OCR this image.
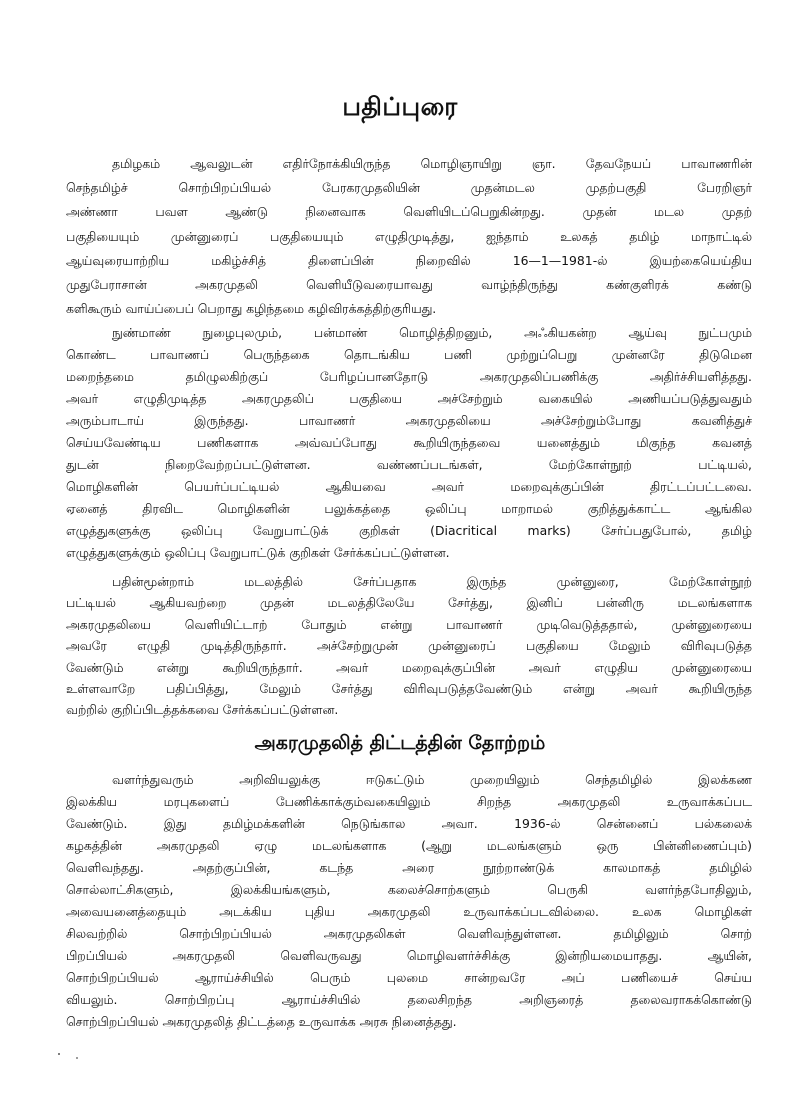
பதிப்புரை
தமிழகம் ஆவலுடன் எதிர்நோக்கியிருந்த மொழிஞாயிறு ஞா. தேவநேயப் பாவாணரின்
செந்தமிழ்ச் சொற்பிறப்பியல் பேரகரமுதலியின் முதன்மடல முதற்பகுதி பேரறிஞர்
அண்ணா பவள ஆண்டு நினைவாக வெளியிடப்பெறுகின்றது. முதன் மடல முதற்
பகுதியையும் முன்னுரைப் பகுதியையும் எழுதிமுடித்து, ஐந்தாம் உலகத் தமிழ் மாநாட்டில்
ஆய்வுரையாற்றிய மகிழ்ச்சித் திளைப்பின் நிறைவில் 16—1—1981-ல் இயற்கையெய்திய
முதுபேராசான் அகரமுதலி வெளியீடுவரையாவது வாழ்ந்திருந்து கண்குளிரக் கண்டு
களிகூரும் வாய்ப்பைப் பெறாது கழிந்தமை கழிவிரக்கத்திற்குரியது.
நுண்மாண் நுழைபுலமும், பன்மாண் மொழித்திறனும், அஃகியகன்ற ஆய்வு நுட்பமும்
கொண்ட பாவாணப் பெருந்தகை தொடங்கிய பணி முற்றுப்பெறு முன்னரே திடுமென
மறைந்தமை தமிழுலகிற்குப் பேரிழப்பானதோடு அகரமுதலிப்பணிக்கு அதிர்ச்சியளித்தது.
அவர் எழுதிமுடித்த அகரமுதலிப் பகுதியை அச்சேற்றும் வகையில் அணியப்படுத்துவதும்
அரும்பாடாய் இருந்தது. பாவாணர் அகரமுதலியை அச்சேற்றும்போது கவனித்துச்
செய்யவேண்டிய பணிகளாக அவ்வப்போது கூறியிருந்தவை யனைத்தும் மிகுந்த கவனத்
துடன் நிறைவேற்றப்பட்டுள்ளன. வண்ணப்படங்கள், மேற்கோள்நூற் பட்டியல்,
மொழிகளின் பெயர்ப்பட்டியல் ஆகியவை அவர் மறைவுக்குப்பின் திரட்டப்பட்டவை.
ஏனைத் திரவிட மொழிகளின் பலுக்கத்தை ஒலிப்பு மாறாமல் குறித்துக்காட்ட ஆங்கில
எழுத்துகளுக்கு ஒலிப்பு வேறுபாட்டுக் குறிகள் (Diacritical marks) சேர்ப்பதுபோல், தமிழ்
எழுத்துகளுக்கும் ஒலிப்பு வேறுபாட்டுக் குறிகள் சேர்க்கப்பட்டுள்ளன.
பதின்மூன்றாம் மடலத்தில் சேர்ப்பதாக இருந்த முன்னுரை, மேற்கோள்நூற்
பட்டியல் ஆகியவற்றை முதன் மடலத்திலேயே சேர்த்து, இனிப் பன்னிரு மடலங்களாக
அகரமுதலியை வெளியிட்டாற் போதும் என்று பாவாணர் முடிவெடுத்ததால், முன்னுரையை
அவரே எழுதி முடித்திருந்தார். அச்சேற்றுமுன் முன்னுரைப் பகுதியை மேலும் விரிவுபடுத்த
வேண்டும் என்று கூறியிருந்தார். அவர் மறைவுக்குப்பின் அவர் எழுதிய முன்னுரையை
உள்ளவாறே பதிப்பித்து, மேலும் சேர்த்து விரிவுபடுத்தவேண்டும் என்று அவர் கூறியிருந்த
வற்றில் குறிப்பிடத்தக்கவை சேர்க்கப்பட்டுள்ளன.
அகரமுதலித் திட்டத்தின் தோற்றம்
வளர்ந்துவரும் அறிவியலுக்கு ஈடுகட்டும் முறையிலும் செந்தமிழில் இலக்கண
இலக்கிய மரபுகளைப் பேணிக்காக்கும்வகையிலும் சிறந்த அகரமுதலி உருவாக்கப்பட
வேண்டும். இது தமிழ்மக்களின் நெடுங்கால அவா. 1936-ல் சென்னைப் பல்கலைக்
கழகத்தின் அகரமுதலி ஏழு மடலங்களாக (ஆறு மடலங்களும் ஒரு பின்னிணைப்பும்)
வெளிவந்தது. அதற்குப்பின், கடந்த அரை நூற்றாண்டுக் காலமாகத் தமிழில்
சொல்லாட்சிகளும், இலக்கியங்களும், கலைச்சொற்களும் பெருகி வளர்ந்தபோதிலும்,
அவையனைத்தையும் அடக்கிய புதிய அகரமுதலி உருவாக்கப்படவில்லை. உலக மொழிகள்
சிலவற்றில் சொற்பிறப்பியல் அகரமுதலிகள் வெளிவந்துள்ளன. தமிழிலும் சொற்
பிறப்பியல் அகரமுதலி வெளிவருவது மொழிவளர்ச்சிக்கு இன்றியமையாதது. ஆயின்,
சொற்பிறப்பியல் ஆராய்ச்சியில் பெரும் புலமை சான்றவரே அப் பணியைச் செய்ய
வியலும். சொற்பிறப்பு ஆராய்ச்சியில் தலைசிறந்த அறிஞரைத் தலைவராகக்கொண்டு
சொற்பிறப்பியல் அகரமுதலித் திட்டத்தை உருவாக்க அரசு நினைத்தது.
